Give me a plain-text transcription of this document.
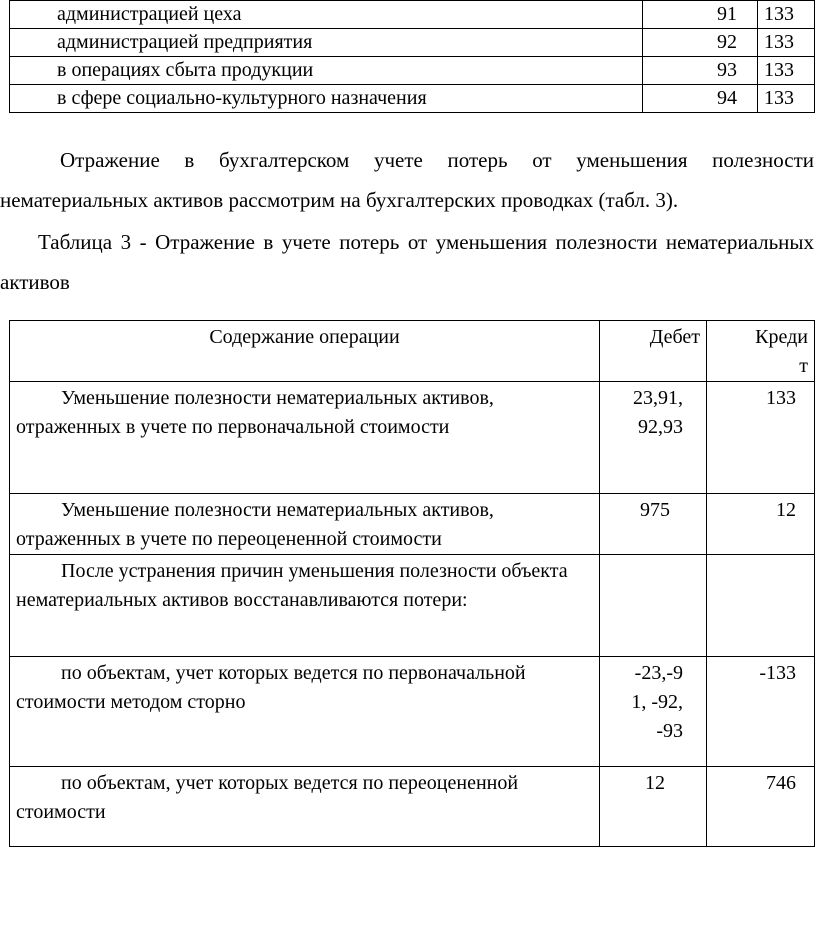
администрацией цеха	91	133
администрацией предприятия	92	133
в операциях сбыта продукции	93	133
в сфере социально-культурного назначения	94	133

Отражение в бухгалтерском учете потерь от уменьшения полезности нематериальных активов рассмотрим на бухгалтерских проводках (табл. 3).

Таблица 3 - Отражение в учете потерь от уменьшения полезности нематериальных активов

Содержание операции	Дебет	Кредит

Уменьшение полезности нематериальных активов, отраженных в учете по первоначальной стоимости	23,91, 92,93	133

Уменьшение полезности нематериальных активов, отраженных в учете по переоцененной стоимости	975	12

После устранения причин уменьшения полезности объекта нематериальных активов восстанавливаются потери:		

по объектам, учет которых ведется по первоначальной стоимости методом сторно	-23,-91, -92,-93	-133

по объектам, учет которых ведется по переоцененной стоимости	12	746
